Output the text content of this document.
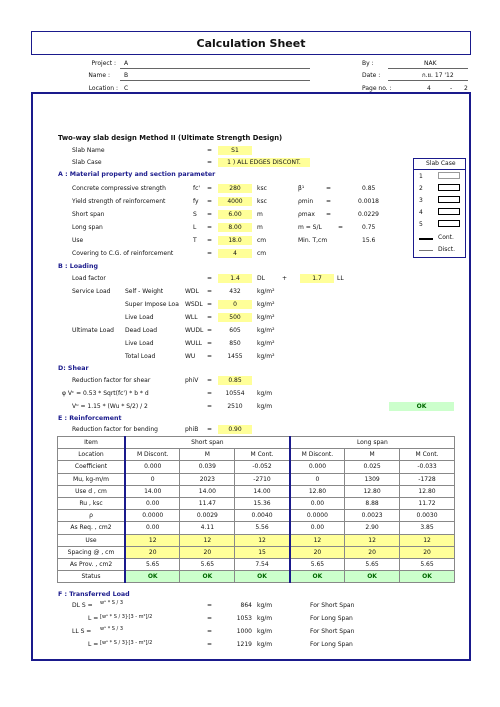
Calculation Sheet
Project : A
Name : B
Location : C
By :	NAK
Date :	ก.ย. 17 '12
Page no. :	4	- 2
Two-way slab design Method II (Ultimate Strength Design)
Slab Name	=	S1
Slab Case	=	1 ) ALL EDGES DISCONT.	Slab Case
1
2
3
4
5
Cont.
Disct.
A : Material property and section parameter
Concrete compressive strength	fc' =	280	ksc	β¹	=	0.85
Yield strength of reinforcement	fy =	4000	ksc	ρmin =	0.0018
Short span	S =	6.00	m	ρmax =	0.0229
Long span	L =	8.00	m	m = S/L	=	0.75
Use	T =	18.0	cm	Min. T,cm	15.6
Covering to C.G. of reinforcement	=	4	cm
B : Loading
Load factor	=	1.4	DL	+	1.7	LL
Service Load Self - Weight	WDL =	432	kg/m²
Super Impose Loa WSDL =	0	kg/m²
Live Load	WLL =	500	kg/m²
Ultimate Load Dead Load	WUDL =	605	kg/m²
Live Load	WULL =	850	kg/m²
Total Load	WU =	1455	kg/m²
D: Shear
Reduction factor for shear	phiV =	0.85
φ Vᶜ = 0.53 * Sqrt(fc') * b * d	=	10554	kg/m
Vᵘ = 1.15 * (Wu * S/2) / 2	=	2510	kg/m	OK
E : Reinforcement
Reduction factor for bending	phiB =	0.90
Item	Short span			Long span		
Location	M Discont.	M	M Cont.	M Discont.	M	M Cont.
Coefficient	0.000	0.039	-0.052	0.000	0.025	-0.033
Mu, kg-m/m	0	2023	-2710	0	1309	-1728
Use d , cm	14.00	14.00	14.00	12.80	12.80	12.80
Ru , ksc	0.00	11.47	15.36	0.00	8.88	11.72
ρ	0.0000	0.0029	0.0040	0.0000	0.0023	0.0030
As Req. , cm2	0.00	4.11	5.56	0.00	2.90	3.85
Use	12	12	12	12	12	12
Spacing @ , cm	20	20	15	20	20	20
As Prov. , cm2	5.65	5.65	7.54	5.65	5.65	5.65
Status	OK	OK	OK	OK	OK	OK
F : Transferred Load
DL S = wᵘ * S / 3	=	864 kg/m	For Short Span
L = [wᵘ * S / 3]·[3 - m²]/2	=	1053 kg/m	For Long Span
LL S = wᵘ * S / 3	=	1000 kg/m	For Short Span
L = [wᵘ * S / 3]·[3 - m²]/2	=	1219 kg/m	For Long Span
